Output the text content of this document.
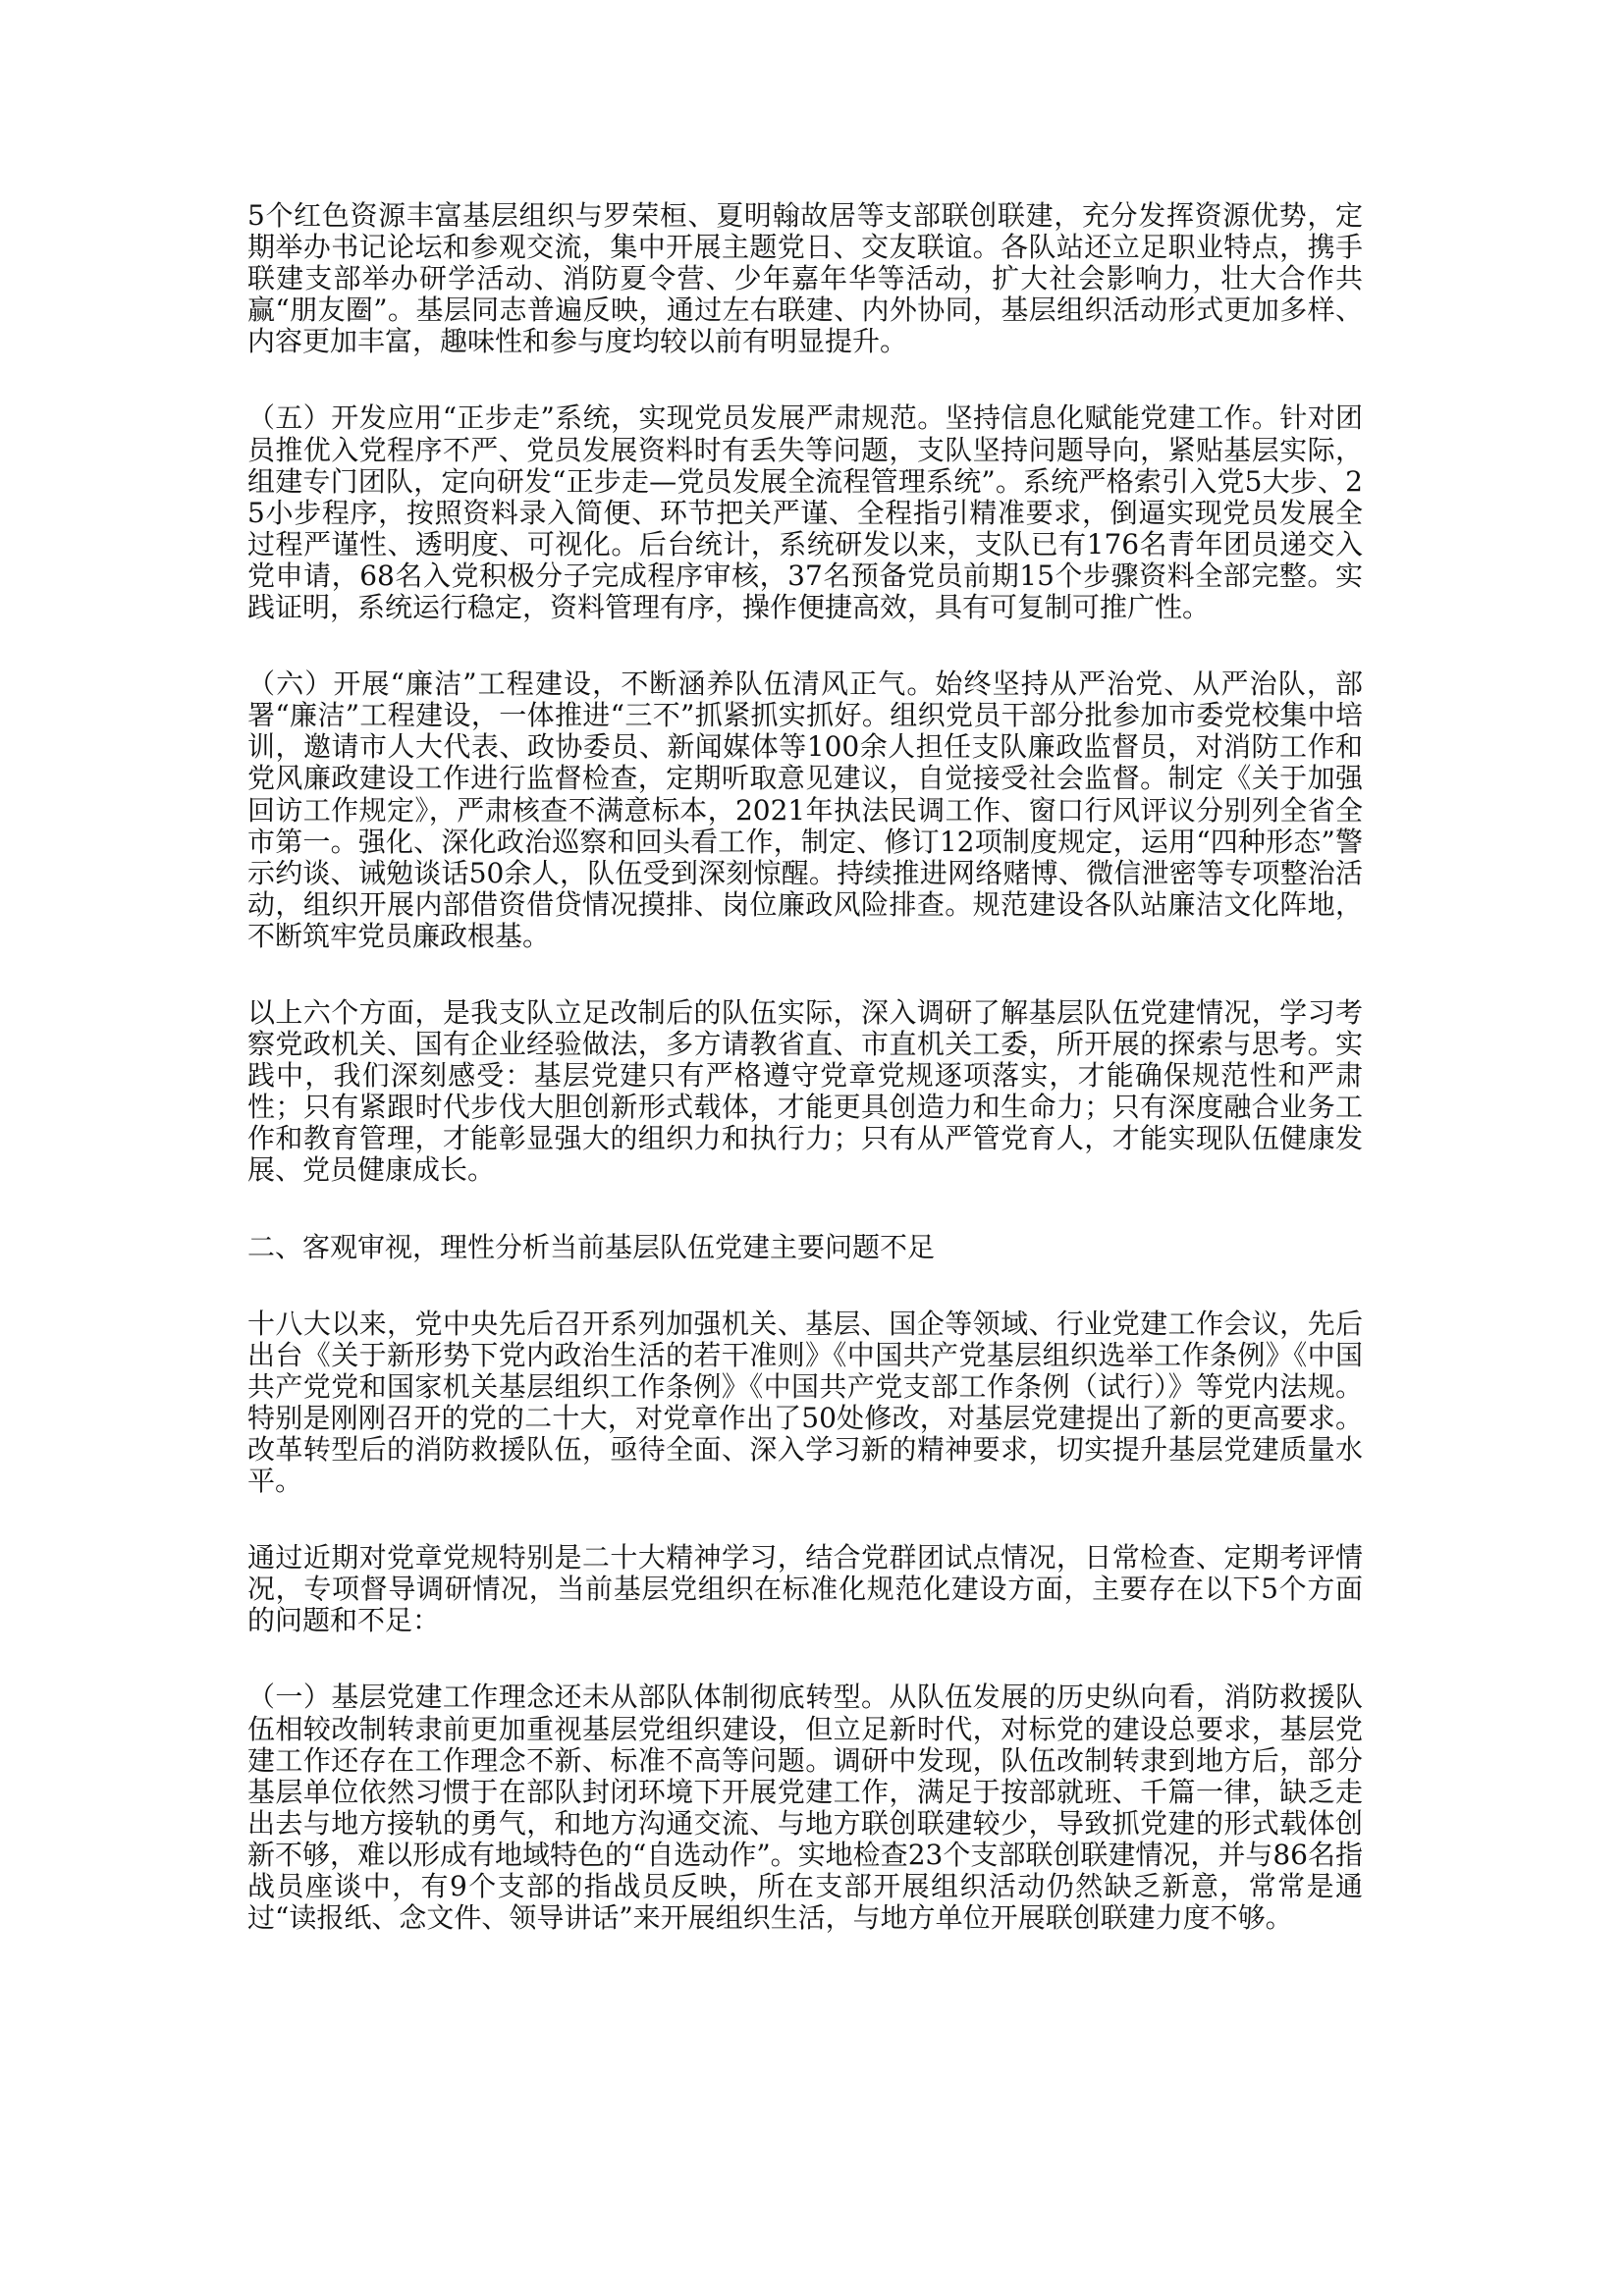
5个红色资源丰富基层组织与罗荣桓、夏明翰故居等支部联创联建，充分发挥资源优势，定期举办书记论坛和参观交流，集中开展主题党日、交友联谊。各队站还立足职业特点，携手联建支部举办研学活动、消防夏令营、少年嘉年华等活动，扩大社会影响力，壮大合作共赢“朋友圈”。基层同志普遍反映，通过左右联建、内外协同，基层组织活动形式更加多样、内容更加丰富，趣味性和参与度均较以前有明显提升。

（五）开发应用“正步走”系统，实现党员发展严肃规范。坚持信息化赋能党建工作。针对团员推优入党程序不严、党员发展资料时有丢失等问题，支队坚持问题导向，紧贴基层实际，组建专门团队，定向研发“正步走—党员发展全流程管理系统”。系统严格索引入党5大步、25小步程序，按照资料录入简便、环节把关严谨、全程指引精准要求，倒逼实现党员发展全过程严谨性、透明度、可视化。后台统计，系统研发以来，支队已有176名青年团员递交入党申请，68名入党积极分子完成程序审核，37名预备党员前期15个步骤资料全部完整。实践证明，系统运行稳定，资料管理有序，操作便捷高效，具有可复制可推广性。

（六）开展“廉洁”工程建设，不断涵养队伍清风正气。始终坚持从严治党、从严治队，部署“廉洁”工程建设，一体推进“三不”抓紧抓实抓好。组织党员干部分批参加市委党校集中培训，邀请市人大代表、政协委员、新闻媒体等100余人担任支队廉政监督员，对消防工作和党风廉政建设工作进行监督检查，定期听取意见建议，自觉接受社会监督。制定《关于加强回访工作规定》，严肃核查不满意标本，2021年执法民调工作、窗口行风评议分别列全省全市第一。强化、深化政治巡察和回头看工作，制定、修订12项制度规定，运用“四种形态”警示约谈、诫勉谈话50余人，队伍受到深刻惊醒。持续推进网络赌博、微信泄密等专项整治活动，组织开展内部借资借贷情况摸排、岗位廉政风险排查。规范建设各队站廉洁文化阵地，不断筑牢党员廉政根基。

以上六个方面，是我支队立足改制后的队伍实际，深入调研了解基层队伍党建情况，学习考察党政机关、国有企业经验做法，多方请教省直、市直机关工委，所开展的探索与思考。实践中，我们深刻感受：基层党建只有严格遵守党章党规逐项落实，才能确保规范性和严肃性；只有紧跟时代步伐大胆创新形式载体，才能更具创造力和生命力；只有深度融合业务工作和教育管理，才能彰显强大的组织力和执行力；只有从严管党育人，才能实现队伍健康发展、党员健康成长。

二、客观审视，理性分析当前基层队伍党建主要问题不足

十八大以来，党中央先后召开系列加强机关、基层、国企等领域、行业党建工作会议，先后出台《关于新形势下党内政治生活的若干准则》《中国共产党基层组织选举工作条例》《中国共产党党和国家机关基层组织工作条例》《中国共产党支部工作条例（试行）》等党内法规。特别是刚刚召开的党的二十大，对党章作出了50处修改，对基层党建提出了新的更高要求。改革转型后的消防救援队伍，亟待全面、深入学习新的精神要求，切实提升基层党建质量水平。

通过近期对党章党规特别是二十大精神学习，结合党群团试点情况，日常检查、定期考评情况，专项督导调研情况，当前基层党组织在标准化规范化建设方面，主要存在以下5个方面的问题和不足：

（一）基层党建工作理念还未从部队体制彻底转型。从队伍发展的历史纵向看，消防救援队伍相较改制转隶前更加重视基层党组织建设，但立足新时代，对标党的建设总要求，基层党建工作还存在工作理念不新、标准不高等问题。调研中发现，队伍改制转隶到地方后，部分基层单位依然习惯于在部队封闭环境下开展党建工作，满足于按部就班、千篇一律，缺乏走出去与地方接轨的勇气，和地方沟通交流、与地方联创联建较少，导致抓党建的形式载体创新不够，难以形成有地域特色的“自选动作”。实地检查23个支部联创联建情况，并与86名指战员座谈中，有9个支部的指战员反映，所在支部开展组织活动仍然缺乏新意，常常是通过“读报纸、念文件、领导讲话”来开展组织生活，与地方单位开展联创联建力度不够。
